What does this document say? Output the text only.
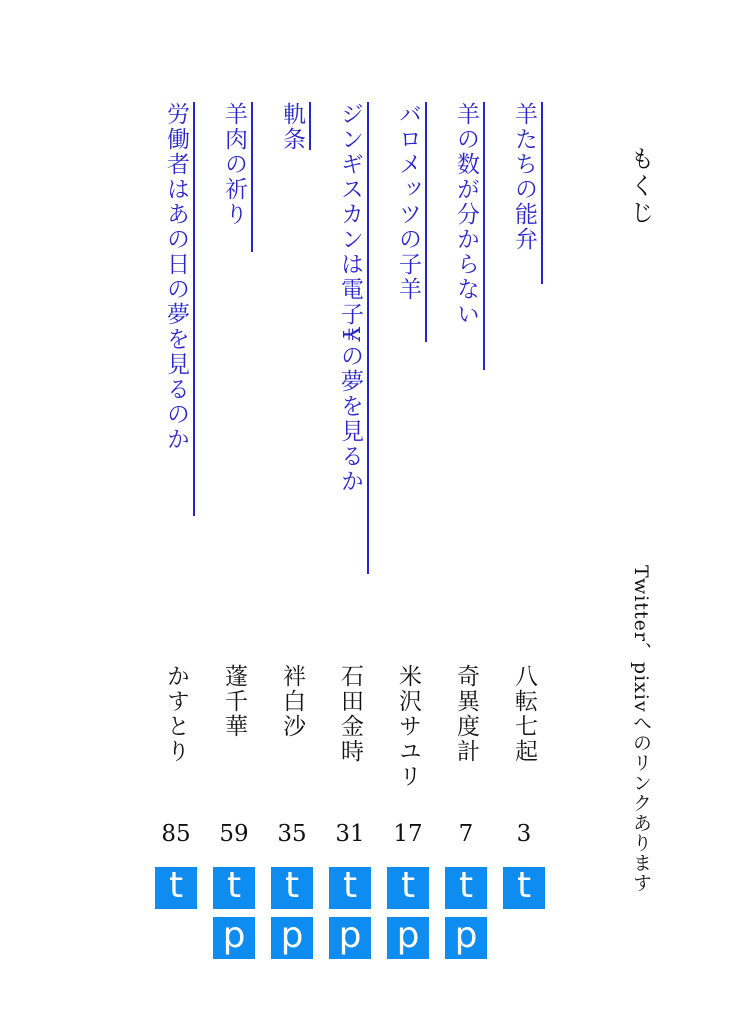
もくじ
Twitter、pixivへのリンクあります
羊たちの能弁
羊の数が分からない
バロメッツの子羊
ジンギスカンは電子¥の夢を見るか
軌条
羊肉の祈り
労働者はあの日の夢を見るのか
八転七起
奇異度計
米沢サユリ
石田金時
袢白沙
蓬千華
かすとり
3
7
17
31
35
59
85
t
t
t
t
t
t
t
p
p
p
p
p
